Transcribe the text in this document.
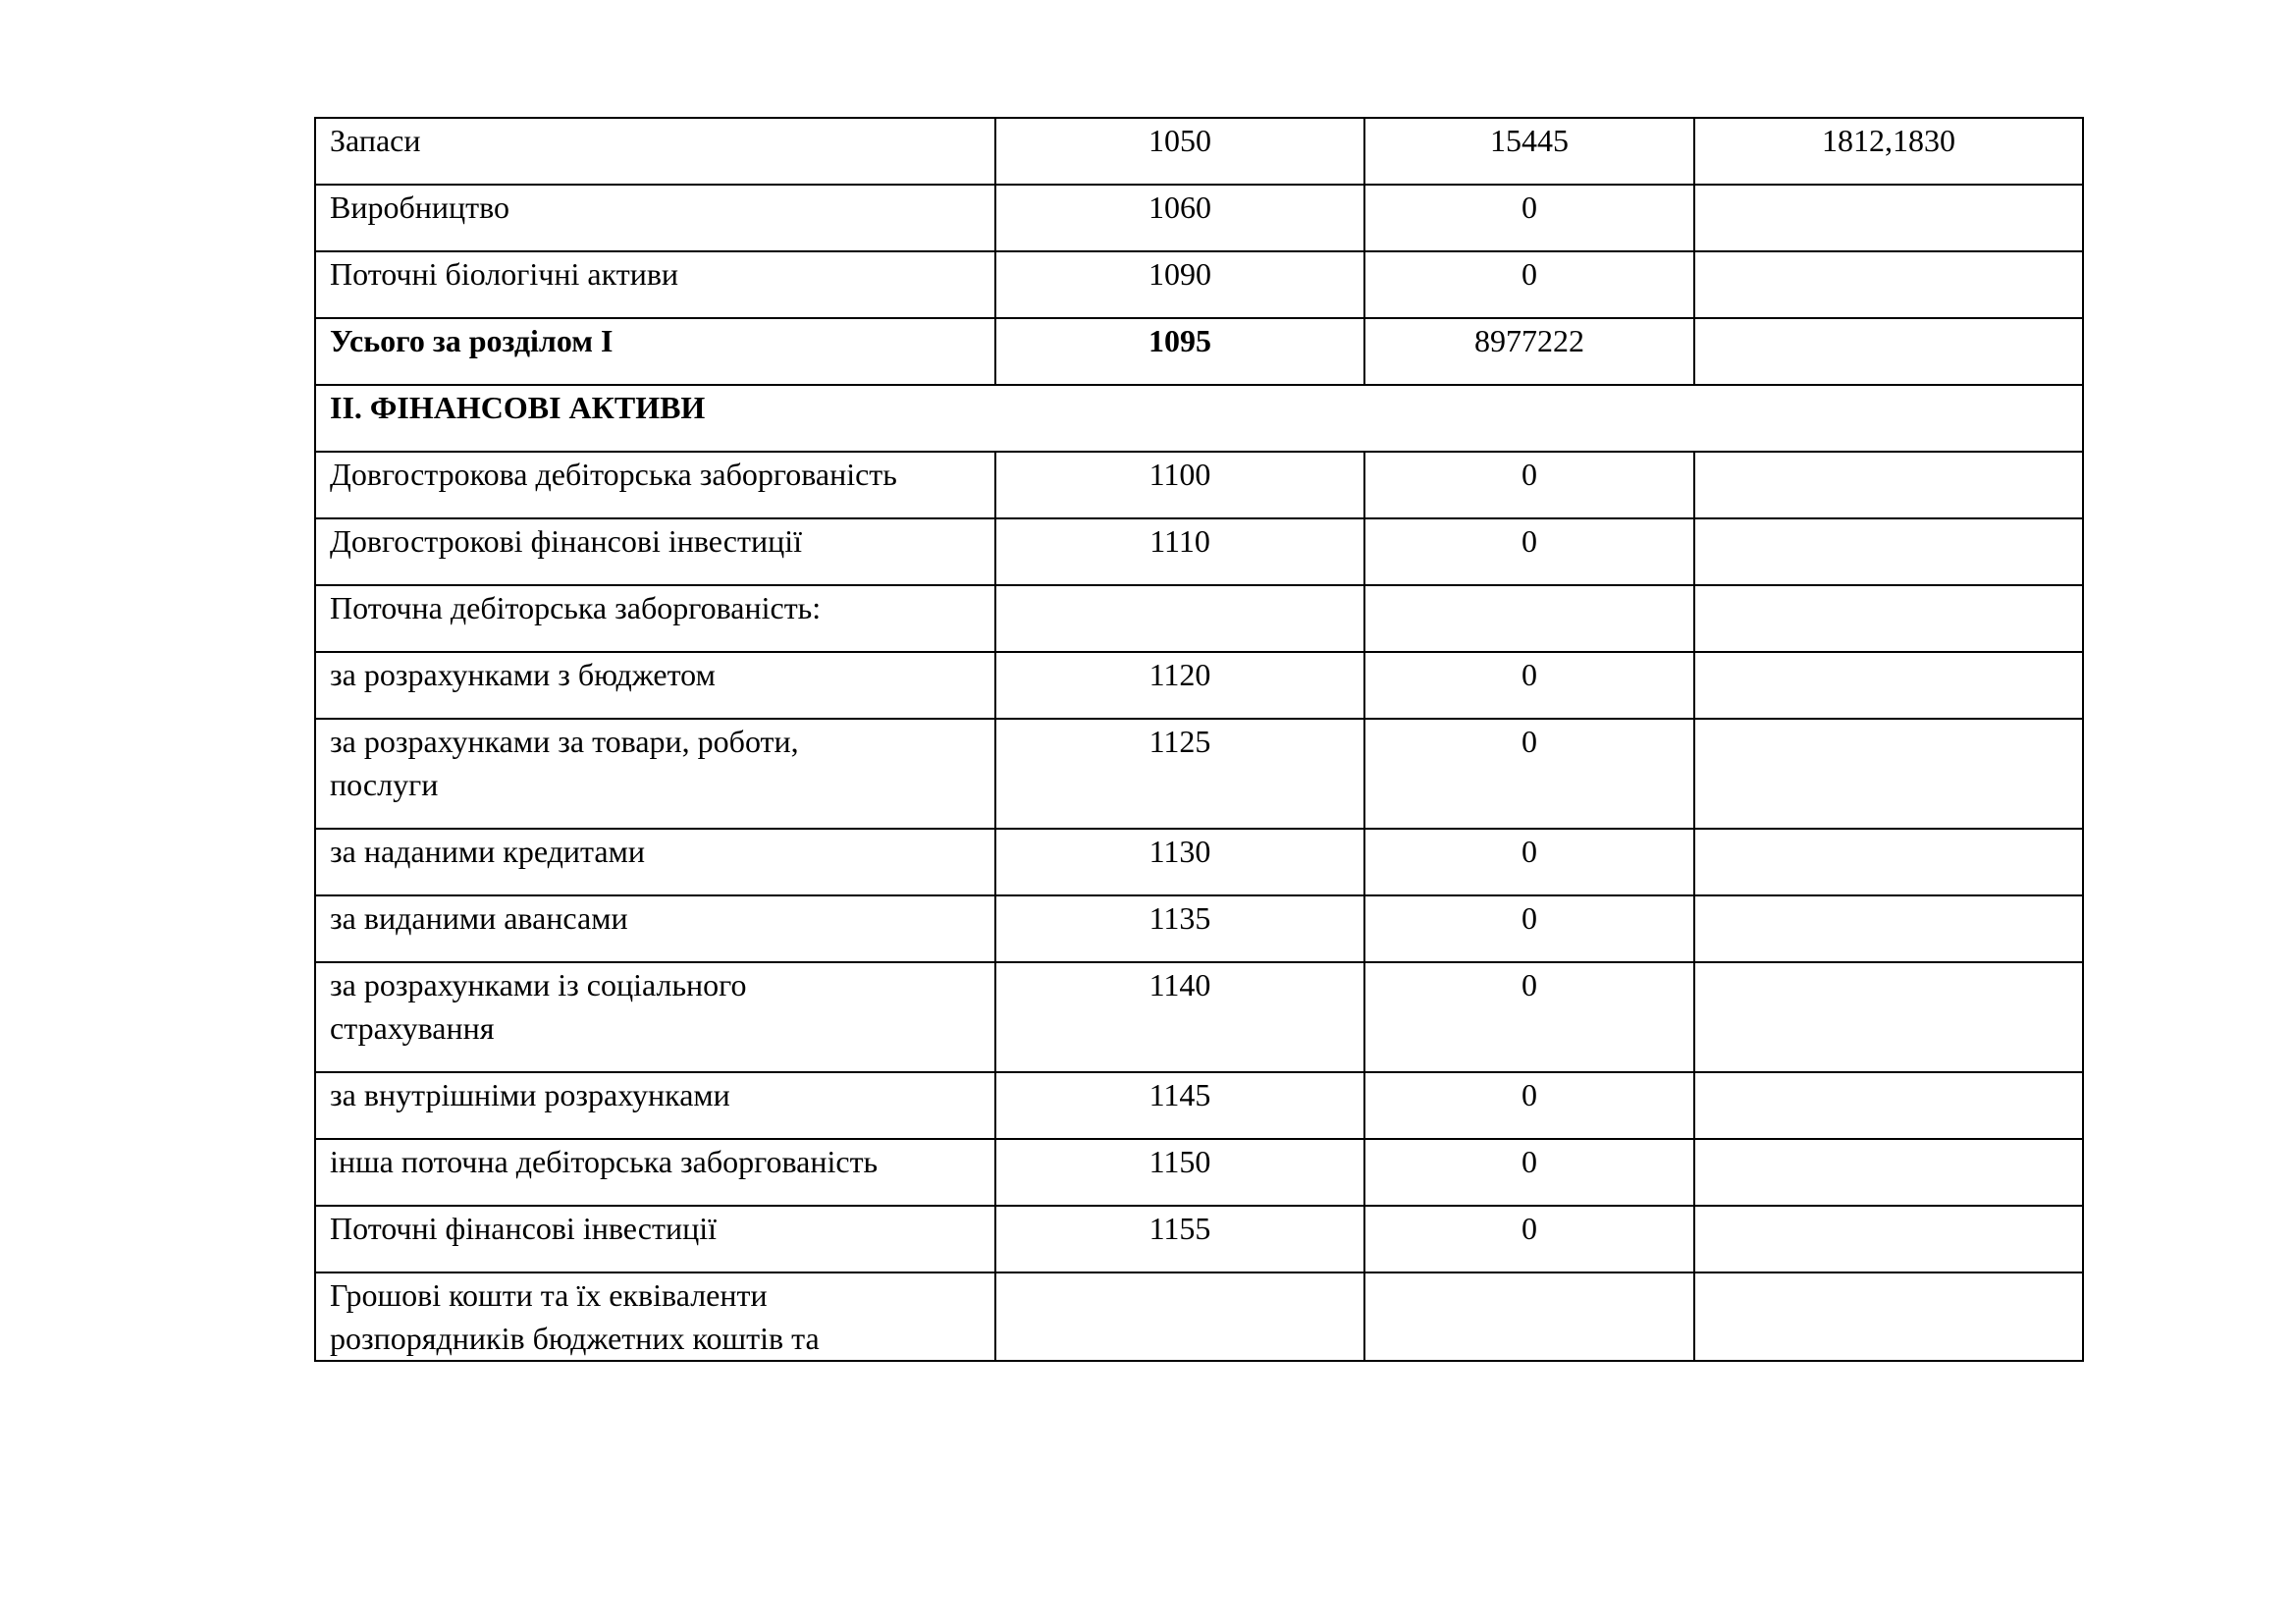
Запаси	1050	15445	1812,1830
Виробництво	1060	0	
Поточні біологічні активи	1090	0	
Усього за розділом І	1095	8977222	
ІІ. ФІНАНСОВІ АКТИВИ			
Довгострокова дебіторська заборгованість	1100	0	
Довгострокові фінансові інвестиції	1110	0	
Поточна дебіторська заборгованість:			
за розрахунками з бюджетом	1120	0	
за розрахунками за товари, роботи,
послуги	1125	0	
за наданими кредитами	1130	0	
за виданими авансами	1135	0	
за розрахунками із соціального
страхування	1140	0	
за внутрішніми розрахунками	1145	0	
інша поточна дебіторська заборгованість	1150	0	
Поточні фінансові інвестиції	1155	0	
Грошові кошти та їх еквіваленти
розпорядників бюджетних коштів та			
